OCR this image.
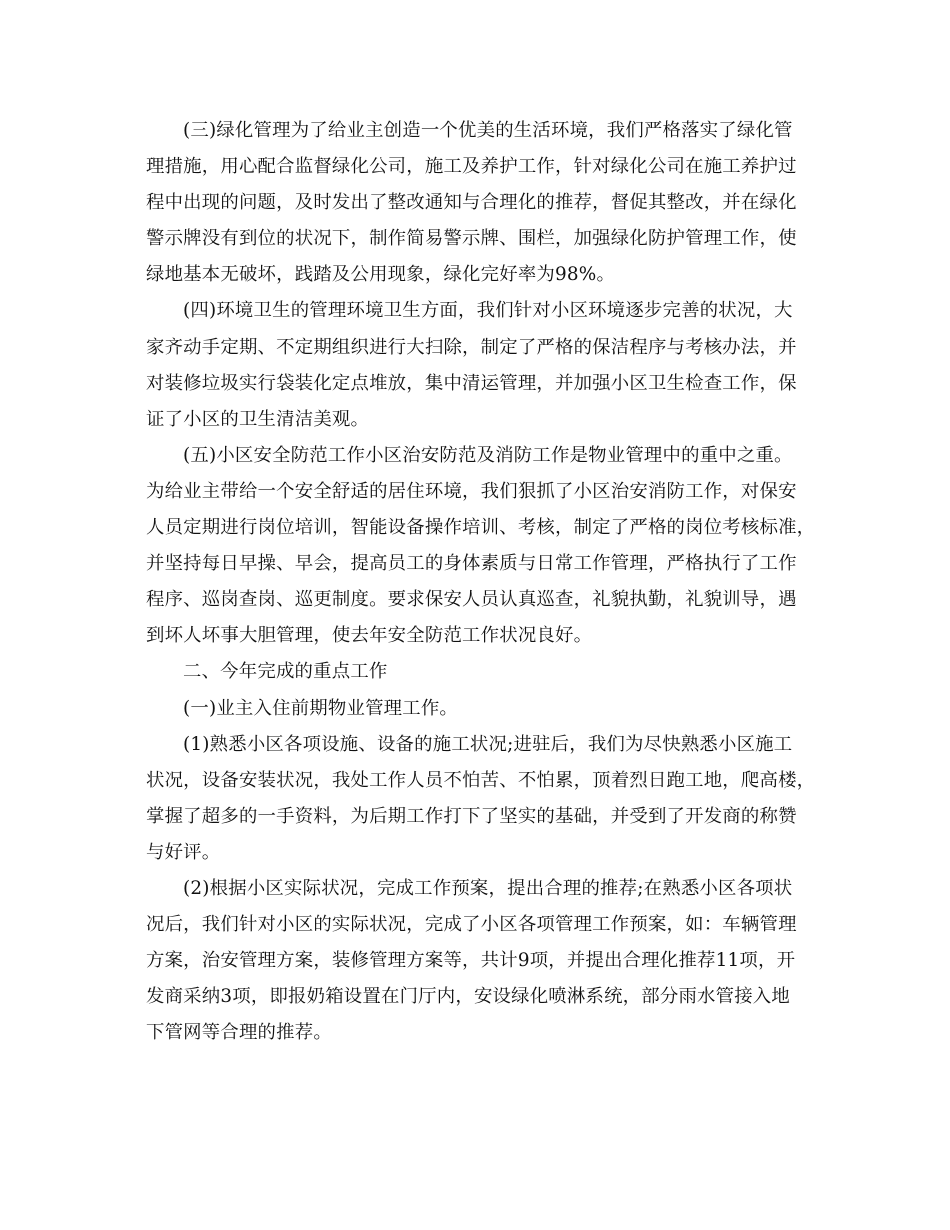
(三)绿化管理为了给业主创造一个优美的生活环境，我们严格落实了绿化管
理措施，用心配合监督绿化公司，施工及养护工作，针对绿化公司在施工养护过
程中出现的问题，及时发出了整改通知与合理化的推荐，督促其整改，并在绿化
警示牌没有到位的状况下，制作简易警示牌、围栏，加强绿化防护管理工作，使
绿地基本无破坏，践踏及公用现象，绿化完好率为98%。

(四)环境卫生的管理环境卫生方面，我们针对小区环境逐步完善的状况，大
家齐动手定期、不定期组织进行大扫除，制定了严格的保洁程序与考核办法，并
对装修垃圾实行袋装化定点堆放，集中清运管理，并加强小区卫生检查工作，保
证了小区的卫生清洁美观。

(五)小区安全防范工作小区治安防范及消防工作是物业管理中的重中之重。
为给业主带给一个安全舒适的居住环境，我们狠抓了小区治安消防工作，对保安
人员定期进行岗位培训，智能设备操作培训、考核，制定了严格的岗位考核标准，
并坚持每日早操、早会，提高员工的身体素质与日常工作管理，严格执行了工作
程序、巡岗查岗、巡更制度。要求保安人员认真巡查，礼貌执勤，礼貌训导，遇
到坏人坏事大胆管理，使去年安全防范工作状况良好。

二、今年完成的重点工作

(一)业主入住前期物业管理工作。

(1)熟悉小区各项设施、设备的施工状况;进驻后，我们为尽快熟悉小区施工
状况，设备安装状况，我处工作人员不怕苦、不怕累，顶着烈日跑工地，爬高楼，
掌握了超多的一手资料，为后期工作打下了坚实的基础，并受到了开发商的称赞
与好评。

(2)根据小区实际状况，完成工作预案，提出合理的推荐;在熟悉小区各项状
况后，我们针对小区的实际状况，完成了小区各项管理工作预案，如：车辆管理
方案，治安管理方案，装修管理方案等，共计9项，并提出合理化推荐11项，开
发商采纳3项，即报奶箱设置在门厅内，安设绿化喷淋系统，部分雨水管接入地
下管网等合理的推荐。
